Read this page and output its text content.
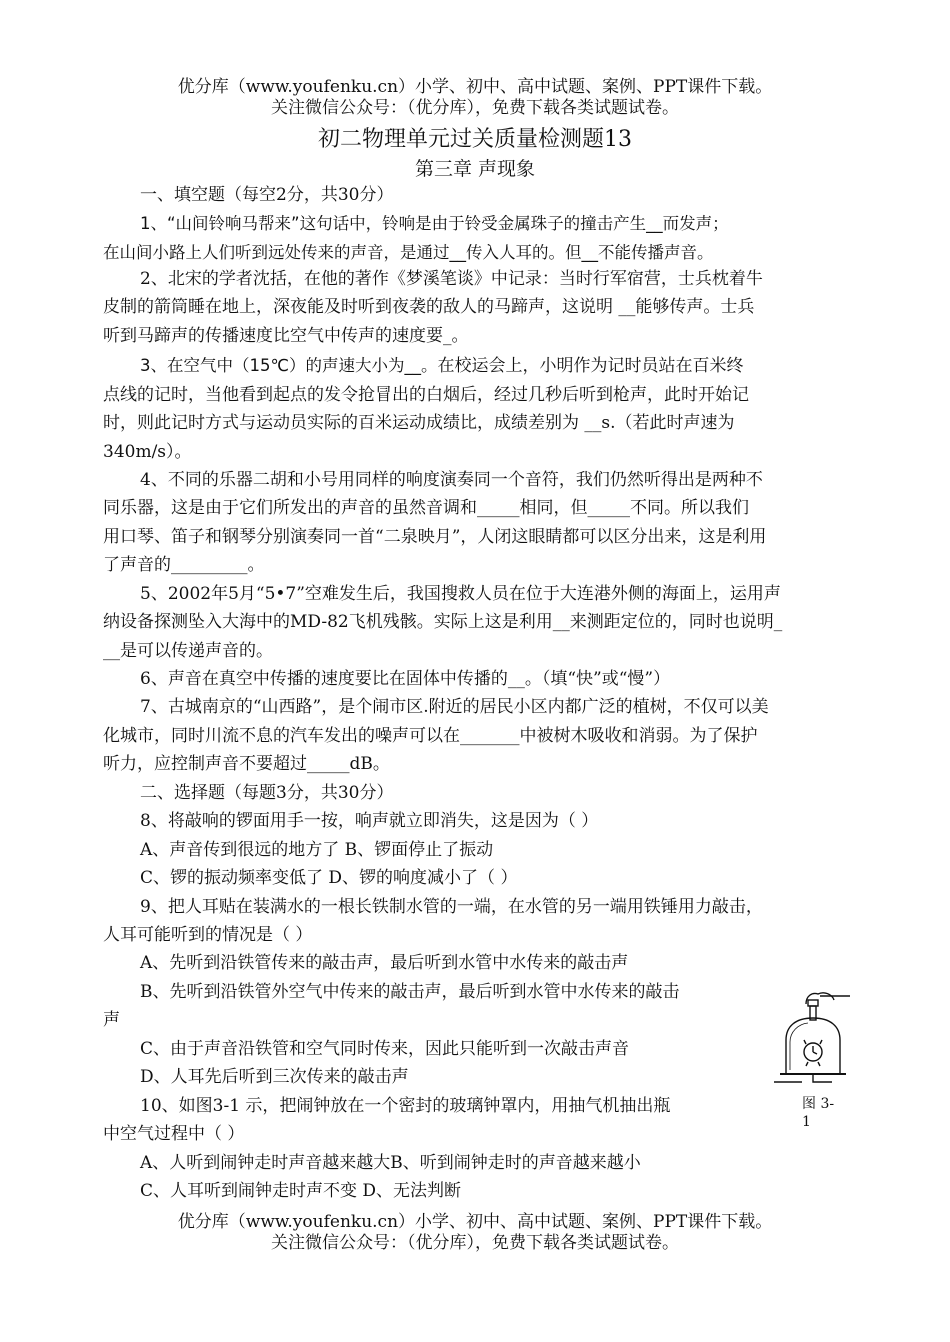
优分库（www.youfenku.cn）小学、初中、高中试题、案例、PPT课件下载。
关注微信公众号：（优分库），免费下载各类试题试卷。
初二物理单元过关质量检测题13
第三章 声现象
一、填空题（每空2分，共30分）
1、“山间铃响马帮来”这句话中，铃响是由于铃受金属珠子的撞击产生__而发声；
在山间小路上人们听到远处传来的声音，是通过__传入人耳的。但__不能传播声音。
2、北宋的学者沈括，在他的著作《梦溪笔谈》中记录：当时行军宿营，士兵枕着牛
皮制的箭筒睡在地上，深夜能及时听到夜袭的敌人的马蹄声，这说明 __能够传声。士兵
听到马蹄声的传播速度比空气中传声的速度要_。
3、在空气中（15℃）的声速大小为__。在校运会上，小明作为记时员站在百米终
点线的记时，当他看到起点的发令抢冒出的白烟后，经过几秒后听到枪声，此时开始记
时，则此记时方式与运动员实际的百米运动成绩比，成绩差别为 __s.（若此时声速为
340m/s）。
4、不同的乐器二胡和小号用同样的响度演奏同一个音符，我们仍然听得出是两种不
同乐器，这是由于它们所发出的声音的虽然音调和_____相同，但_____不同。所以我们
用口琴、笛子和钢琴分别演奏同一首“二泉映月”，人闭这眼睛都可以区分出来，这是利用
了声音的_________。
5、2002年5月“5•7”空难发生后，我国搜救人员在位于大连港外侧的海面上，运用声
纳设备探测坠入大海中的MD-82飞机残骸。实际上这是利用__来测距定位的，同时也说明_
__是可以传递声音的。
6、声音在真空中传播的速度要比在固体中传播的__。（填“快”或“慢”）
7、古城南京的“山西路”，是个闹市区.附近的居民小区内都广泛的植树，不仅可以美
化城市，同时川流不息的汽车发出的噪声可以在_______中被树木吸收和消弱。为了保护
听力，应控制声音不要超过_____dB。
二、选择题（每题3分，共30分）
8、将敲响的锣面用手一按，响声就立即消失，这是因为（ ）
A、声音传到很远的地方了 B、锣面停止了振动
C、锣的振动频率变低了 D、锣的响度减小了（ ）
9、把人耳贴在装满水的一根长铁制水管的一端，在水管的另一端用铁锤用力敲击，
人耳可能听到的情况是（ ）
A、先听到沿铁管传来的敲击声，最后听到水管中水传来的敲击声
B、先听到沿铁管外空气中传来的敲击声，最后听到水管中水传来的敲击
声
C、由于声音沿铁管和空气同时传来，因此只能听到一次敲击声音
D、人耳先后听到三次传来的敲击声
10、如图3-1 示，把闹钟放在一个密封的玻璃钟罩内，用抽气机抽出瓶
中空气过程中（ ）
A、人听到闹钟走时声音越来越大B、听到闹钟走时的声音越来越小
C、人耳听到闹钟走时声不变 D、无法判断
图 3-
1
优分库（www.youfenku.cn）小学、初中、高中试题、案例、PPT课件下载。
关注微信公众号：（优分库），免费下载各类试题试卷。
